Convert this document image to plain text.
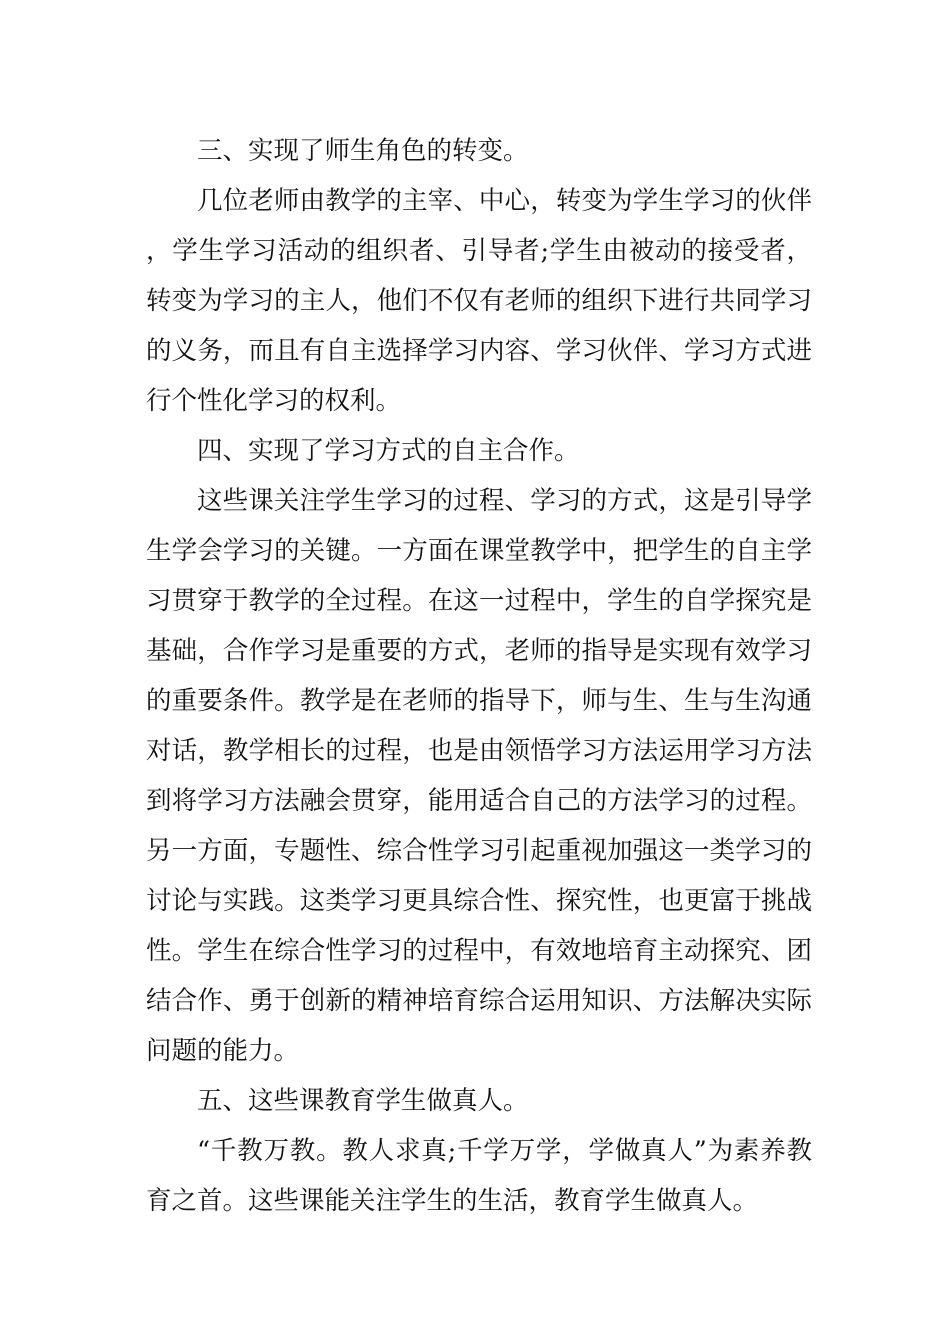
三、实现了师生角色的转变。

几位老师由教学的主宰、中心，转变为学生学习的伙伴，学生学习活动的组织者、引导者;学生由被动的接受者，转变为学习的主人，他们不仅有老师的组织下进行共同学习的义务，而且有自主选择学习内容、学习伙伴、学习方式进行个性化学习的权利。

四、实现了学习方式的自主合作。

这些课关注学生学习的过程、学习的方式，这是引导学生学会学习的关键。一方面在课堂教学中，把学生的自主学习贯穿于教学的全过程。在这一过程中，学生的自学探究是基础，合作学习是重要的方式，老师的指导是实现有效学习的重要条件。教学是在老师的指导下，师与生、生与生沟通对话，教学相长的过程，也是由领悟学习方法运用学习方法到将学习方法融会贯穿，能用适合自己的方法学习的过程。另一方面，专题性、综合性学习引起重视加强这一类学习的讨论与实践。这类学习更具综合性、探究性，也更富于挑战性。学生在综合性学习的过程中，有效地培育主动探究、团结合作、勇于创新的精神培育综合运用知识、方法解决实际问题的能力。

五、这些课教育学生做真人。

“千教万教。教人求真;千学万学，学做真人”为素养教育之首。这些课能关注学生的生活，教育学生做真人。
